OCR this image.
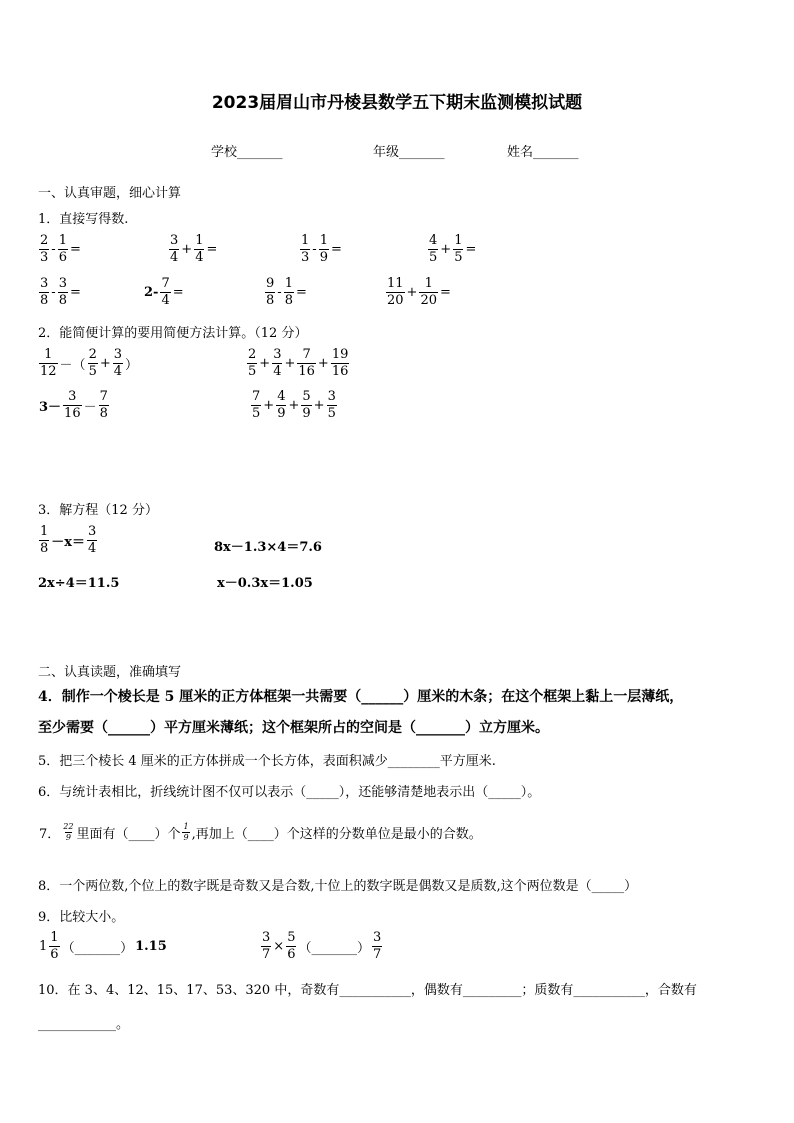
2023届眉山市丹棱县数学五下期末监测模拟试题
学校_______	年级_______	姓名_______
一、认真审题，细心计算
1．直接写得数.
$\frac{2}{3} - \frac{1}{6}$ =	$\frac{3}{4} + \frac{1}{4}$ =	$\frac{1}{3} - \frac{1}{9}$ =	$\frac{4}{5} + \frac{1}{5}$ =
$\frac{3}{8} - \frac{3}{8}$ =	$2- \frac{7}{4}$ =	$\frac{9}{8} - \frac{1}{8}$ =	$\frac{11}{20} + \frac{1}{20}$ =
2．能简便计算的要用简便方法计算。（12 分）
$\frac{1}{12}$ －（ $\frac{2}{5} + \frac{3}{4}$ ）	$\frac{2}{5} + \frac{3}{4} + \frac{7}{16} + \frac{19}{16}$
$3- \frac{3}{16} - \frac{7}{8}$	$\frac{7}{5} + \frac{4}{9} + \frac{5}{9} + \frac{3}{5}$
3．解方程（12 分）
$\frac{1}{8} -x= \frac{3}{4}$	8x－1.3×4＝7.6
2x÷4＝11.5	x－0.3x＝1.05
二、认真读题，准确填写
4．制作一个棱长是 5 厘米的正方体框架一共需要（______）厘米的木条；在这个框架上黏上一层薄纸，
至少需要（______）平方厘米薄纸；这个框架所占的空间是（_______）立方厘米。
5．把三个棱长 4 厘米的正方体拼成一个长方体，表面积减少________平方厘米.
6．与统计表相比，折线统计图不仅可以表示（_____），还能够清楚地表示出（_____）。
7． $\frac{22}{9}$ 里面有（____）个 $\frac{1}{9}$ ,再加上（____）个这样的分数单位是最小的合数。
8．一个两位数,个位上的数字既是奇数又是合数,十位上的数字既是偶数又是质数,这个两位数是（_____）
9．比较大小。
$1 \frac{1}{6}$ （_______） 1.15	$\frac{3}{7} \times \frac{5}{6}$ （_______） $\frac{3}{7}$
10．在 3、4、12、15、17、53、320 中，奇数有___________，偶数有_________；质数有___________，合数有
____________。
